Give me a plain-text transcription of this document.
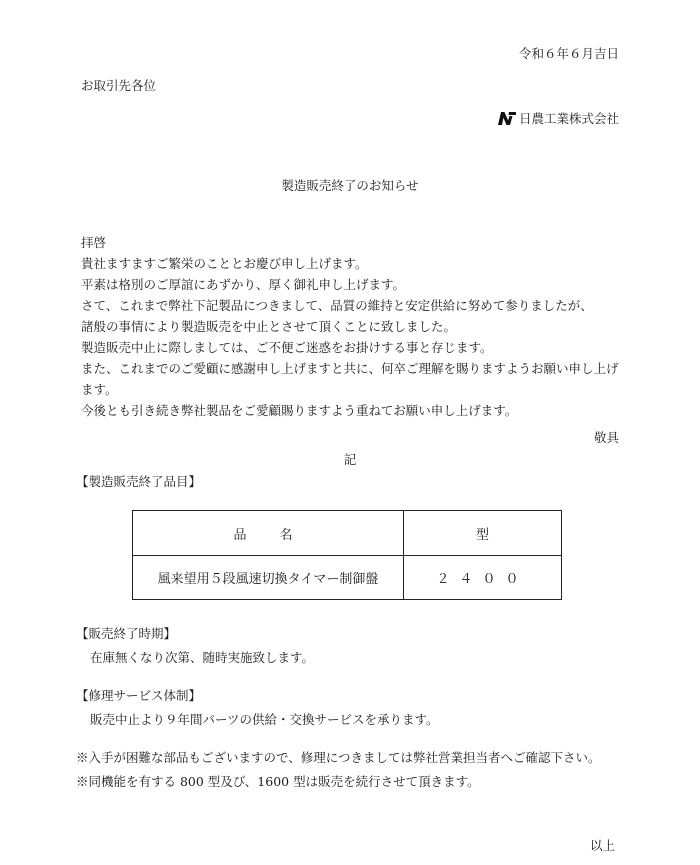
令和６年６月吉日
お取引先各位
日農工業株式会社
製造販売終了のお知らせ

拝啓

貴社ますますご繁栄のこととお慶び申し上げます。

平素は格別のご厚誼にあずかり、厚く御礼申し上げます。

さて、これまで弊社下記製品につきまして、品質の維持と安定供給に努めて参りましたが、

諸般の事情により製造販売を中止とさせて頂くことに致しました。

製造販売中止に際しましては、ご不便ご迷惑をお掛けする事と存じます。

また、これまでのご愛顧に感謝申し上げますと共に、何卒ご理解を賜りますようお願い申し上げます。

今後とも引き続き弊社製品をご愛顧賜りますよう重ねてお願い申し上げます。

敬具
記
【製造販売終了品目】
品　名	型
風来望用５段風速切換タイマー制御盤	２４００
【販売終了時期】
在庫無くなり次第、随時実施致します。
【修理サービス体制】
販売中止より９年間パーツの供給・交換サービスを承ります。
※入手が困難な部品もございますので、修理につきましては弊社営業担当者へご確認下さい。
※同機能を有する 800 型及び、1600 型は販売を続行させて頂きます。
以上
